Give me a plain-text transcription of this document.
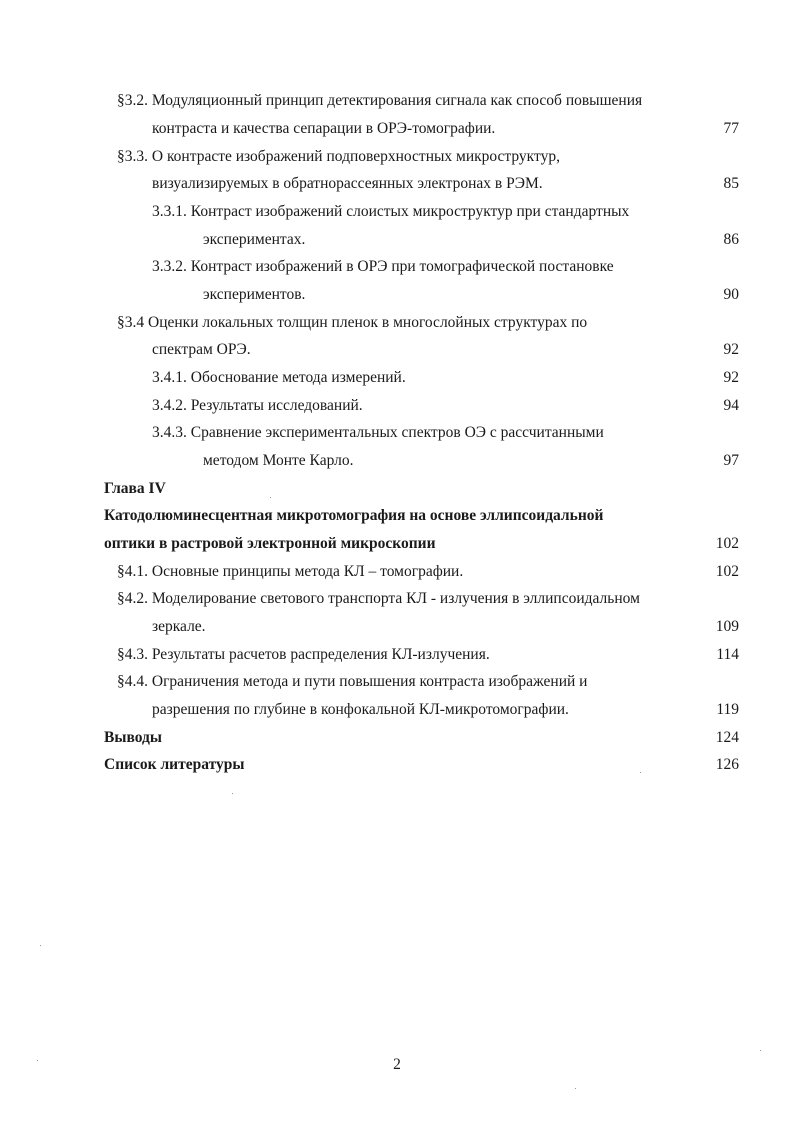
§3.2. Модуляционный принцип детектирования сигнала как способ повышения
контраста и качества сепарации в ОРЭ-томографии.	77
§3.3. О контрасте изображений подповерхностных микроструктур,
визуализируемых в обратнорассеянных электронах в РЭМ.	85
3.3.1. Контраст изображений слоистых микроструктур при стандартных
экспериментах.	86
3.3.2. Контраст изображений в ОРЭ при томографической постановке
экспериментов.	90
§3.4 Оценки локальных толщин пленок в многослойных структурах по
спектрам ОРЭ.	92
3.4.1. Обоснование метода измерений.	92
3.4.2. Результаты исследований.	94
3.4.3. Сравнение экспериментальных спектров ОЭ с рассчитанными
методом Монте Карло.	97
Глава IV
Катодолюминесцентная микротомография на основе эллипсоидальной
оптики в растровой электронной микроскопии	102
§4.1. Основные принципы метода КЛ – томографии.	102
§4.2. Моделирование светового транспорта КЛ - излучения в эллипсоидальном
зеркале.	109
§4.3. Результаты расчетов распределения КЛ-излучения.	114
§4.4. Ограничения метода и пути повышения контраста изображений и
разрешения по глубине в конфокальной КЛ-микротомографии.	119
Выводы	124
Список литературы	126
2
